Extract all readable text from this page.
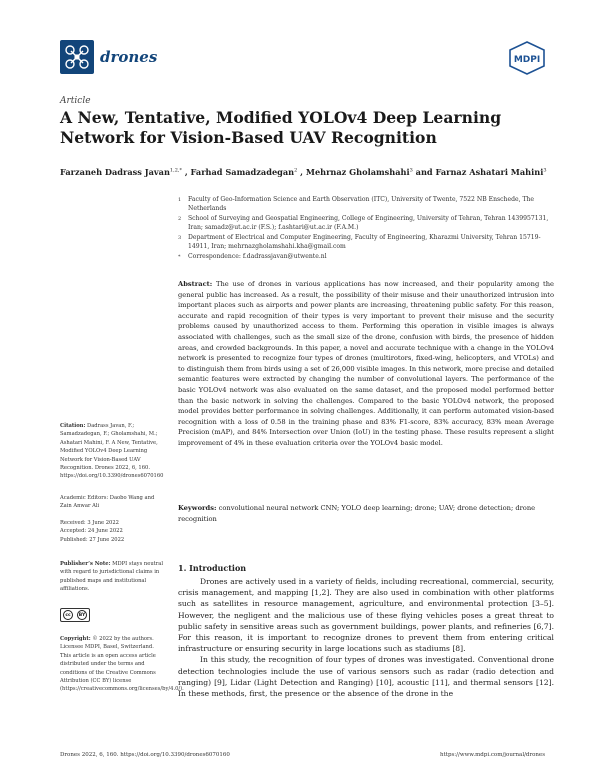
drones	MDPI
Article
A New, Tentative, Modified YOLOv4 Deep Learning Network for Vision-Based UAV Recognition
Farzaneh Dadrass Javan$^{1,2,*}$ , Farhad Samadzadegan$^2$ , Mehrnaz Gholamshahi$^3$ and Farnaz Ashatari Mahini$^3$
1	Faculty of Geo-Information Science and Earth Observation (ITC), University of Twente, 7522 NB Enschede, The Netherlands
2	School of Surveying and Geospatial Engineering, College of Engineering, University of Tehran, Tehran 1439957131, Iran; samadz@ut.ac.ir (F.S.); f.ashtari@ut.ac.ir (F.A.M.)
3	Department of Electrical and Computer Engineering, Faculty of Engineering, Kharazmi University, Tehran 15719-14911, Iran; mehrnazgholamshahi.kha@gmail.com
*	Correspondence: f.dadrassjavan@utwente.nl
Abstract: The use of drones in various applications has now increased, and their popularity among the general public has increased. As a result, the possibility of their misuse and their unauthorized intrusion into important places such as airports and power plants are increasing, threatening public safety. For this reason, accurate and rapid recognition of their types is very important to prevent their misuse and the security problems caused by unauthorized access to them. Performing this operation in visible images is always associated with challenges, such as the small size of the drone, confusion with birds, the presence of hidden areas, and crowded backgrounds. In this paper, a novel and accurate technique with a change in the YOLOv4 network is presented to recognize four types of drones (multirotors, fixed-wing, helicopters, and VTOLs) and to distinguish them from birds using a set of 26,000 visible images. In this network, more precise and detailed semantic features were extracted by changing the number of convolutional layers. The performance of the basic YOLOv4 network was also evaluated on the same dataset, and the proposed model performed better than the basic network in solving the challenges. Compared to the basic YOLOv4 network, the proposed model provides better performance in solving challenges. Additionally, it can perform automated vision-based recognition with a loss of 0.58 in the training phase and 83% F1-score, 83% accuracy, 83% mean Average Precision (mAP), and 84% Intersection over Union (IoU) in the testing phase. These results represent a slight improvement of 4% in these evaluation criteria over the YOLOv4 basic model.
Keywords: convolutional neural network CNN; YOLO deep learning; drone; UAV; drone detection; drone recognition
Citation: Dadrass Javan, F.; Samadzadegan, F.; Gholamshahi, M.; Ashatari Mahini, F. A New, Tentative, Modified YOLOv4 Deep Learning Network for Vision-Based UAV Recognition. Drones 2022, 6, 160. https://doi.org/10.3390/drones6070160
Academic Editors: Daobo Wang and Zain Anwar Ali
Received: 3 June 2022
Accepted: 24 June 2022
Published: 27 June 2022
Publisher’s Note: MDPI stays neutral with regard to jurisdictional claims in published maps and institutional affiliations.
cc	BY
Copyright: © 2022 by the authors. Licensee MDPI, Basel, Switzerland. This article is an open access article distributed under the terms and conditions of the Creative Commons Attribution (CC BY) license (https://creativecommons.org/licenses/by/4.0/).
1. Introduction

Drones are actively used in a variety of fields, including recreational, commercial, security, crisis management, and mapping [1,2]. They are also used in combination with other platforms such as satellites in resource management, agriculture, and environmental protection [3–5]. However, the negligent and the malicious use of these flying vehicles poses a great threat to public safety in sensitive areas such as government buildings, power plants, and refineries [6,7]. For this reason, it is important to recognize drones to prevent them from entering critical infrastructure or ensuring security in large locations such as stadiums [8].

In this study, the recognition of four types of drones was investigated. Conventional drone detection technologies include the use of various sensors such as radar (radio detection and ranging) [9], Lidar (Light Detection and Ranging) [10], acoustic [11], and thermal sensors [12]. In these methods, first, the presence or the absence of the drone in the

Drones 2022, 6, 160. https://doi.org/10.3390/drones6070160	https://www.mdpi.com/journal/drones
